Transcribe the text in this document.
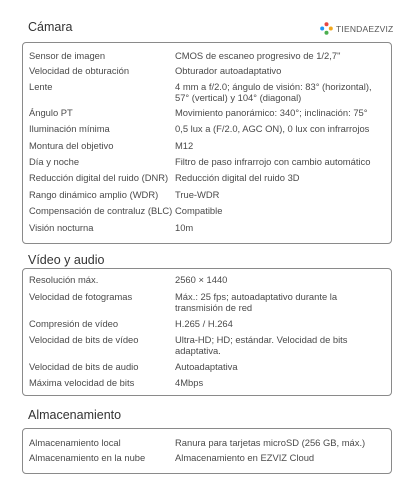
TIENDAEZVIZ
Cámara
Sensor de imagen	CMOS de escaneo progresivo de 1/2,7"
Velocidad de obturación	Obturador autoadaptativo
Lente	4 mm a f/2.0; ángulo de visión: 83° (horizontal), 57° (vertical) y 104° (diagonal)
Ángulo PT	Movimiento panorámico: 340°; inclinación: 75°
Iluminación mínima	0,5 lux a (F/2.0, AGC ON), 0 lux con infrarrojos
Montura del objetivo	M12
Día y noche	Filtro de paso infrarrojo con cambio automático
Reducción digital del ruido (DNR) Reducción digital del ruido 3D
Rango dinámico amplio (WDR)	True-WDR
Compensación de contraluz (BLC) Compatible
Visión nocturna	10m
Vídeo y audio
Resolución máx.	2560 × 1440
Velocidad de fotogramas	Máx.: 25 fps; autoadaptativo durante la transmisión de red
Compresión de vídeo	H.265 / H.264
Velocidad de bits de vídeo	Ultra-HD; HD; estándar. Velocidad de bits adaptativa.
Velocidad de bits de audio	Autoadaptativa
Máxima velocidad de bits	4Mbps
Almacenamiento
Almacenamiento local	Ranura para tarjetas microSD (256 GB, máx.)
Almacenamiento en la nube	Almacenamiento en EZVIZ Cloud
